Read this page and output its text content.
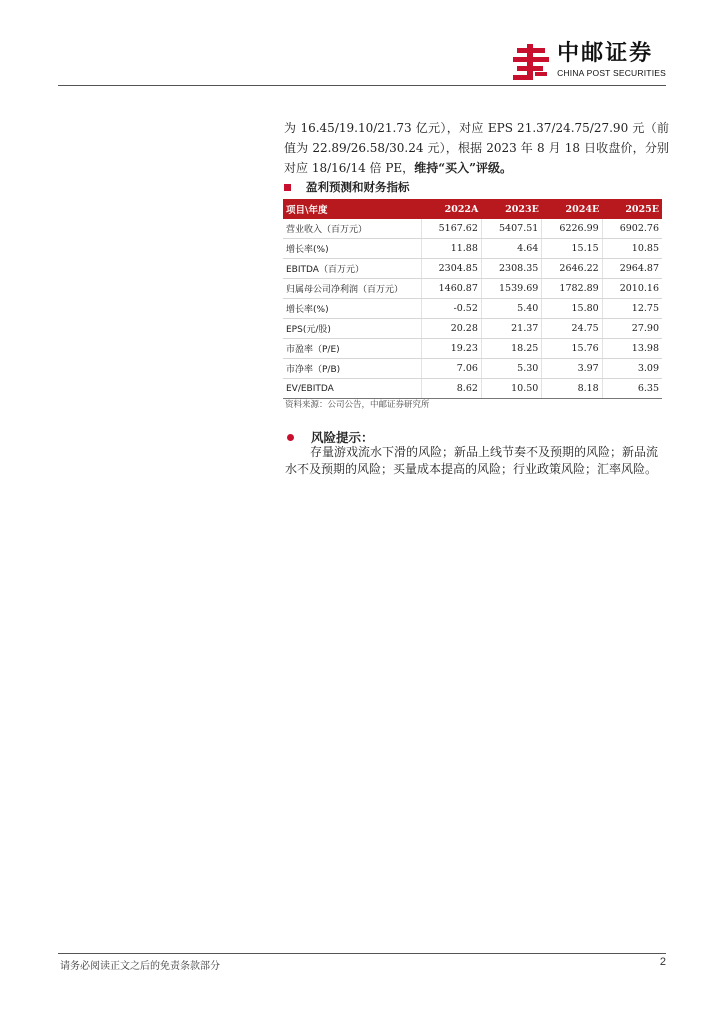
中邮证券
CHINA POST SECURITIES

为 16.45/19.10/21.73 亿元），对应 EPS 21.37/24.75/27.90 元（前值为 22.89/26.58/30.24 元），根据 2023 年 8 月 18 日收盘价，分别对应 18/16/14 倍 PE，维持“买入”评级。

盈利预测和财务指标
项目\年度	2022A	2023E	2024E	2025E
营业收入（百万元）	5167.62	5407.51	6226.99	6902.76
增长率(%)	11.88	4.64	15.15	10.85
EBITDA（百万元）	2304.85	2308.35	2646.22	2964.87
归属母公司净利润（百万元）	1460.87	1539.69	1782.89	2010.16
增长率(%)	-0.52	5.40	15.80	12.75
EPS(元/股)	20.28	21.37	24.75	27.90
市盈率（P/E)	19.23	18.25	15.76	13.98
市净率（P/B)	7.06	5.30	3.97	3.09
EV/EBITDA	8.62	10.50	8.18	6.35
资料来源：公司公告，中邮证券研究所
风险提示：

存量游戏流水下滑的风险；新品上线节奏不及预期的风险；新品流水不及预期的风险；买量成本提高的风险；行业政策风险；汇率风险。

请务必阅读正文之后的免责条款部分	2
